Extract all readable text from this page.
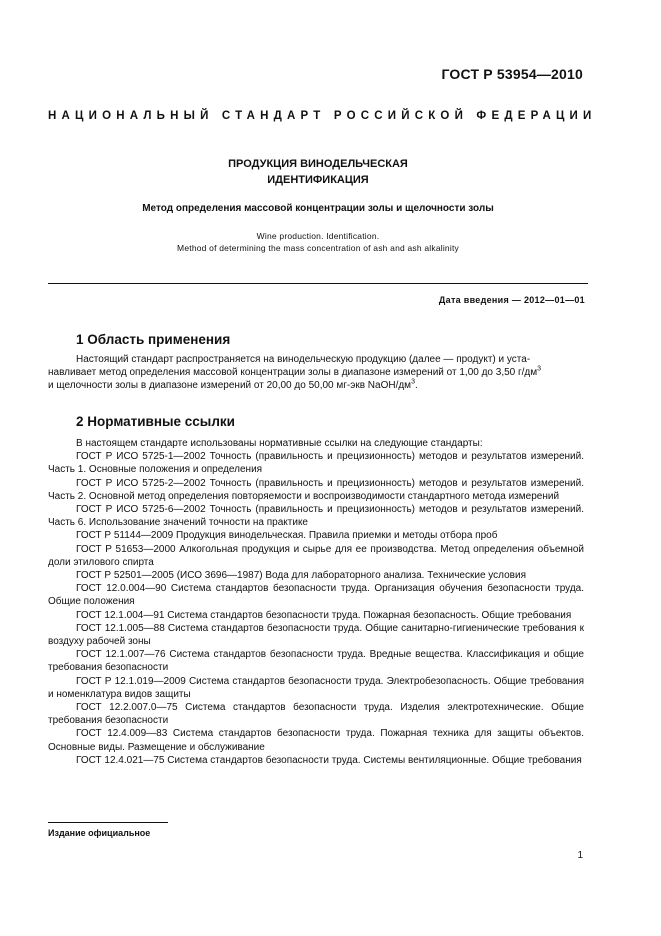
ГОСТ Р 53954—2010
НАЦИОНАЛЬНЫЙ СТАНДАРТ РОССИЙСКОЙ ФЕДЕРАЦИИ
ПРОДУКЦИЯ ВИНОДЕЛЬЧЕСКАЯ
ИДЕНТИФИКАЦИЯ
Метод определения массовой концентрации золы и щелочности золы
Wine production. Identification.
Method of determining the mass concentration of ash and ash alkalinity
Дата введения — 2012—01—01
1 Область применения
Настоящий стандарт распространяется на винодельческую продукцию (далее — продукт) и уста-
навливает метод определения массовой концентрации золы в диапазоне измерений от 1,00 до 3,50 $г/дм^3$
и щелочности золы в диапазоне измерений от 20,00 до 50,00 мг-экв NaOH/$дм^3$.
2 Нормативные ссылки
В настоящем стандарте использованы нормативные ссылки на следующие стандарты:
ГОСТ Р ИСО 5725-1—2002 Точность (правильность и прецизионность) методов и результатов измерений. Часть 1. Основные положения и определения
ГОСТ Р ИСО 5725-2—2002 Точность (правильность и прецизионность) методов и результатов измерений. Часть 2. Основной метод определения повторяемости и воспроизводимости стандартного метода измерений
ГОСТ Р ИСО 5725-6—2002 Точность (правильность и прецизионность) методов и результатов измерений. Часть 6. Использование значений точности на практике
ГОСТ Р 51144—2009 Продукция винодельческая. Правила приемки и методы отбора проб
ГОСТ Р 51653—2000 Алкогольная продукция и сырье для ее производства. Метод определения объемной доли этилового спирта
ГОСТ Р 52501—2005 (ИСО 3696—1987) Вода для лабораторного анализа. Технические условия
ГОСТ 12.0.004—90 Система стандартов безопасности труда. Организация обучения безопасности труда. Общие положения
ГОСТ 12.1.004—91 Система стандартов безопасности труда. Пожарная безопасность. Общие требования
ГОСТ 12.1.005—88 Система стандартов безопасности труда. Общие санитарно-гигиенические требования к воздуху рабочей зоны
ГОСТ 12.1.007—76 Система стандартов безопасности труда. Вредные вещества. Классификация и общие требования безопасности
ГОСТ Р 12.1.019—2009 Система стандартов безопасности труда. Электробезопасность. Общие требования и номенклатура видов защиты
ГОСТ 12.2.007.0—75 Система стандартов безопасности труда. Изделия электротехнические. Общие требования безопасности
ГОСТ 12.4.009—83 Система стандартов безопасности труда. Пожарная техника для защиты объектов. Основные виды. Размещение и обслуживание
ГОСТ 12.4.021—75 Система стандартов безопасности труда. Системы вентиляционные. Общие требования
Издание официальное
1
